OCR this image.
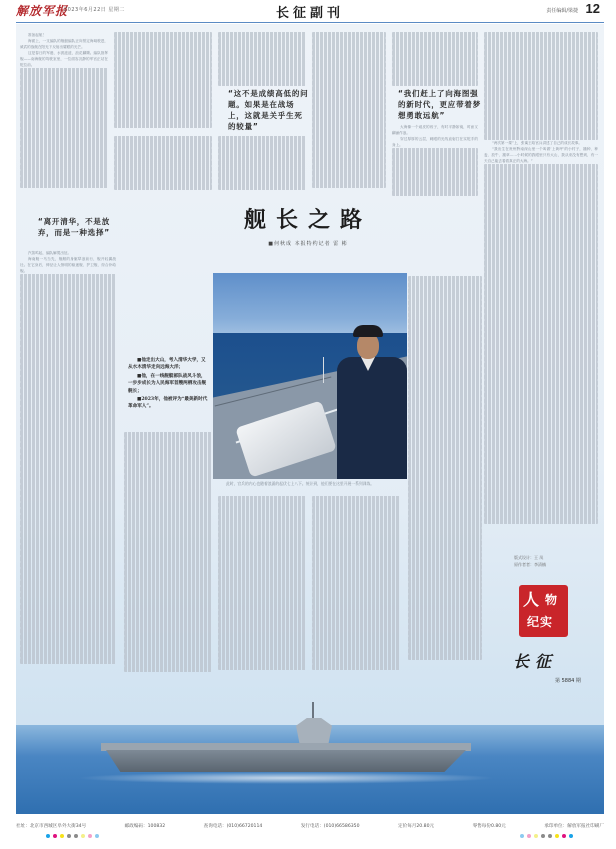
解放军报
2023年6月22日 星期二	长征副刊	责任编辑/梁捷 12

准备起航！

海面上，一支编队的舰艇编队正向预定海域驶进，威武的战舰在阳光下反射出耀眼的光芒。

这是春日的军港，水波涟涟，浪花翻腾。编队指挥舰——南海舰的驾驶室里，一位面容沉静的军官正站在舵位前。

“这不是成绩高低的问题。如果是在战场上，这就是关乎生死的较量”
“我们赶上了向海图强的新时代，更应带着梦想勇敢远航”

大海像一个顽皮的孩子，有时平静如镜，时而又翻涌作浪。

穿过厚厚的云层，刺眼的光线直射打在实舵手的身上。	“两次第一课”上，张寓王给官兵讲述了自己的成长故事。

“我出生在贵州黔南深山里一个叫做‘上黄坪’的小村子，播种、种麦、放牛、割草……小时候的我眼里只有大山，我从来没有想到，有一天自己能去看看真正的大海。”

“离开清华，不是放弃，而是一种选择”	舰长之路
■何秋成 本报特约记者 雷 彬

汽笛鸣起，编队解缆出征。

海南舰一马当先，舰艏的身躯犁浪前行，舰开轻翼战壮。在它身后，伸径让人悄明的驱逐舰、护卫舰、综合补给舰。

■他走出大山，考入清华大学，又从水木清华走向远海大洋；

■他，在一线舰艇部队战风斗浪，一步步成长为人民海军首艘两栖攻击舰舰长；

■2023年，他被评为“最美新时代革命军人”。

此时，官兵的内心也随着浪涌的起伏七上八下。统计到，他们要在这里开展一系列训练。
版式设计：王 凤
原作者者：李清楠
人 物
纪实
长征
第 5884 期
社址：北京市西城区阜外大街34号	邮政编码：100832	查询电话：(010)66720114	发行电话：(010)66586350	定价每月20.80元	零售每份0.80元	承印单位：解放军报社印刷厂
